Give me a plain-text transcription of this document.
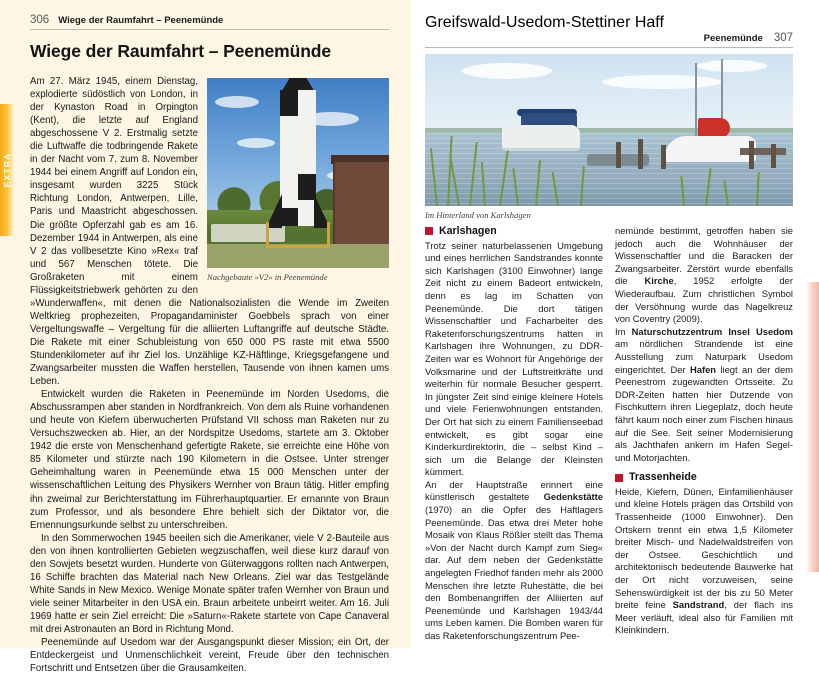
EXTRA
306 Wiege der Raumfahrt – Peenemünde
Wiege der Raumfahrt – Peenemünde
Nachgebaute »V2« in Peenemünde

Am 27. März 1945, einem Dienstag, explodierte südöstlich von London, in der Kynaston Road in Orpington (Kent), die letzte auf England abgeschossene V 2. Erstmalig setzte die Luftwaffe die todbringende Rakete in der Nacht vom 7. zum 8. November 1944 bei einem Angriff auf London ein, insgesamt wurden 3225 Stück Richtung London, Antwerpen, Lille, Paris und Maastricht abgeschossen. Die größte Opferzahl gab es am 16. Dezember 1944 in Antwerpen, als eine V 2 das vollbesetzte Kino »Rex« traf und 567 Menschen tötete. Die Großraketen mit einem Flüssigkeitstriebwerk gehörten zu den »Wunderwaffen«, mit denen die Nationalsozialisten die Wende im Zweiten Weltkrieg prophezeiten, Propagandaminister Goebbels sprach von einer Vergeltungswaffe – Vergeltung für die alliierten Luftangriffe auf deutsche Städte. Die Rakete mit einer Schubleistung von 650 000 PS raste mit etwa 5500 Stundenkilometer auf ihr Ziel los. Unzählige KZ-Häftlinge, Kriegsgefangene und Zwangsarbeiter mussten die Waffen herstellen, Tausende von ihnen kamen ums Leben.

Entwickelt wurden die Raketen in Peenemünde im Norden Usedoms, die Abschussrampen aber standen in Nordfrankreich. Von dem als Ruine vorhandenen und heute von Kiefern überwucherten Prüfstand VII schoss man Raketen nur zu Versuchszwecken ab. Hier, an der Nordspitze Usedoms, startete am 3. Oktober 1942 die erste von Menschenhand gefertigte Rakete, sie erreichte eine Höhe von 85 Kilometer und stürzte nach 190 Kilometern in die Ostsee. Unter strenger Geheimhaltung waren in Peenemünde etwa 15 000 Menschen unter der wissenschaftlichen Leitung des Physikers Wernher von Braun tätig. Hitler empfing ihn zweimal zur Berichterstattung im Führerhauptquartier. Er ernannte von Braun zum Professor, und als besondere Ehre behielt sich der Diktator vor, die Ernennungsurkunde selbst zu unterschreiben.

In den Sommerwochen 1945 beeilen sich die Amerikaner, viele V 2-Bauteile aus den von ihnen kontrollierten Gebieten wegzuschaffen, weil diese kurz darauf von den Sowjets besetzt wurden. Hunderte von Güterwaggons rollten nach Antwerpen, 16 Schiffe brachten das Material nach New Orleans. Ziel war das Testgelände White Sands in New Mexico. Wenige Monate später trafen Wernher von Braun und viele seiner Mitarbeiter in den USA ein. Braun arbeitete unbeirrt weiter. Am 16. Juli 1969 hatte er sein Ziel erreicht: Die »Saturn«-Rakete startete von Cape Canaveral mit drei Astronauten an Bord in Richtung Mond.

Peenemünde auf Usedom war der Ausgangspunkt dieser Mission; ein Ort, der Entdeckergeist und Unmenschlichkeit vereint, Freude über den technischen Fortschritt und Entsetzen über die Grausamkeiten.

Greifswald-Usedom-Stettiner Haff
Peenemünde 307
Im Hinterland von Karlshagen
Karlshagen

Trotz seiner naturbelassenen Umgebung und eines herrlichen Sandstrandes konnte sich Karlshagen (3100 Einwohner) lange Zeit nicht zu einem Badeort entwickeln, denn es lag im Schatten von Peenemünde. Die dort tätigen Wissenschaftler und Facharbeiter des Raketenforschungszentrums hatten in Karlshagen ihre Wohnungen, zu DDR-Zeiten war es Wohnort für Angehörige der Volksmarine und der Luftstreitkräfte und weiterhin für normale Besucher gesperrt. In jüngster Zeit sind einige kleinere Hotels und viele Ferienwohnungen entstanden. Der Ort hat sich zu einem Familienseebad entwickelt, es gibt sogar eine Kinderkurdirektorin, die – selbst Kind – sich um die Belange der Kleinsten kümmert.

An der Hauptstraße erinnert eine künstlerisch gestaltete Gedenkstätte (1970) an die Opfer des Haftlagers Peenemünde. Das etwa drei Meter hohe Mosaik von Klaus Rößler stellt das Thema »Von der Nacht durch Kampf zum Sieg« dar. Auf dem neben der Gedenkstätte angelegten Friedhof fanden mehr als 2000 Menschen ihre letzte Ruhestätte, die bei den Bombenangriffen der Alliierten auf Peenemünde und Karlshagen 1943/44 ums Leben kamen. Die Bomben waren für das Raketenforschungszentrum Pee-

nemünde bestimmt, getroffen haben sie jedoch auch die Wohnhäuser der Wissenschaftler und die Baracken der Zwangsarbeiter. Zerstört wurde ebenfalls die Kirche, 1952 erfolgte der Wiederaufbau. Zum christlichen Symbol der Versöhnung wurde das Nagelkreuz von Coventry (2009).

Im Naturschutzzentrum Insel Usedom am nördlichen Strandende ist eine Ausstellung zum Naturpark Usedom eingerichtet. Der Hafen liegt an der dem Peenestrom zugewandten Ortsseite. Zu DDR-Zeiten hatten hier Dutzende von Fischkuttern ihren Liegeplatz, doch heute fährt kaum noch einer zum Fischen hinaus auf die See. Seit seiner Modernisierung als Jachthafen ankern im Hafen Segel- und Motorjachten.

Trassenheide

Heide, Kiefern, Dünen, Einfamilienhäuser und kleine Hotels prägen das Ortsbild von Trassenheide (1000 Einwohner). Den Ortskern trennt ein etwa 1,5 Kilometer breiter Misch- und Nadelwaldstreifen von der Ostsee. Geschichtlich und architektonisch bedeutende Bauwerke hat der Ort nicht vorzuweisen, seine Sehenswürdigkeit ist der bis zu 50 Meter breite feine Sandstrand, der flach ins Meer verläuft, ideal also für Familien mit Kleinkindern.
